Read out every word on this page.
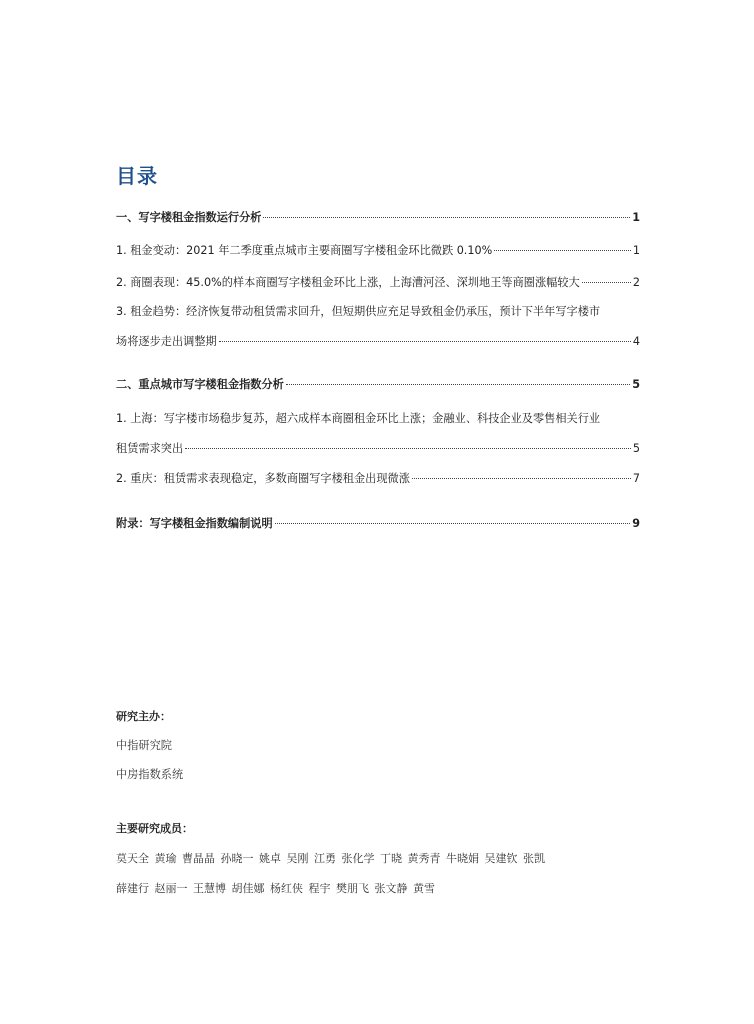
目录
一、写字楼租金指数运行分析	1
1. 租金变动：2021 年二季度重点城市主要商圈写字楼租金环比微跌 0.10%	1
2. 商圈表现：45.0%的样本商圈写字楼租金环比上涨，上海漕河泾、深圳地王等商圈涨幅较大	2
3. 租金趋势：经济恢复带动租赁需求回升，但短期供应充足导致租金仍承压，预计下半年写字楼市
场将逐步走出调整期	4
二、重点城市写字楼租金指数分析	5
1. 上海：写字楼市场稳步复苏，超六成样本商圈租金环比上涨；金融业、科技企业及零售相关行业
租赁需求突出	5
2. 重庆：租赁需求表现稳定，多数商圈写字楼租金出现微涨	7
附录：写字楼租金指数编制说明	9

研究主办：

中指研究院

中房指数系统

主要研究成员：

莫天全 黄瑜 曹晶晶 孙晓一 姚卓 吴刚 江勇 张化学 丁晓 黄秀青 牛晓娟 吴建钦 张凯
薛建行 赵丽一 王慧博 胡佳娜 杨红侠 程宇 樊朋飞 张文静 黄雪
